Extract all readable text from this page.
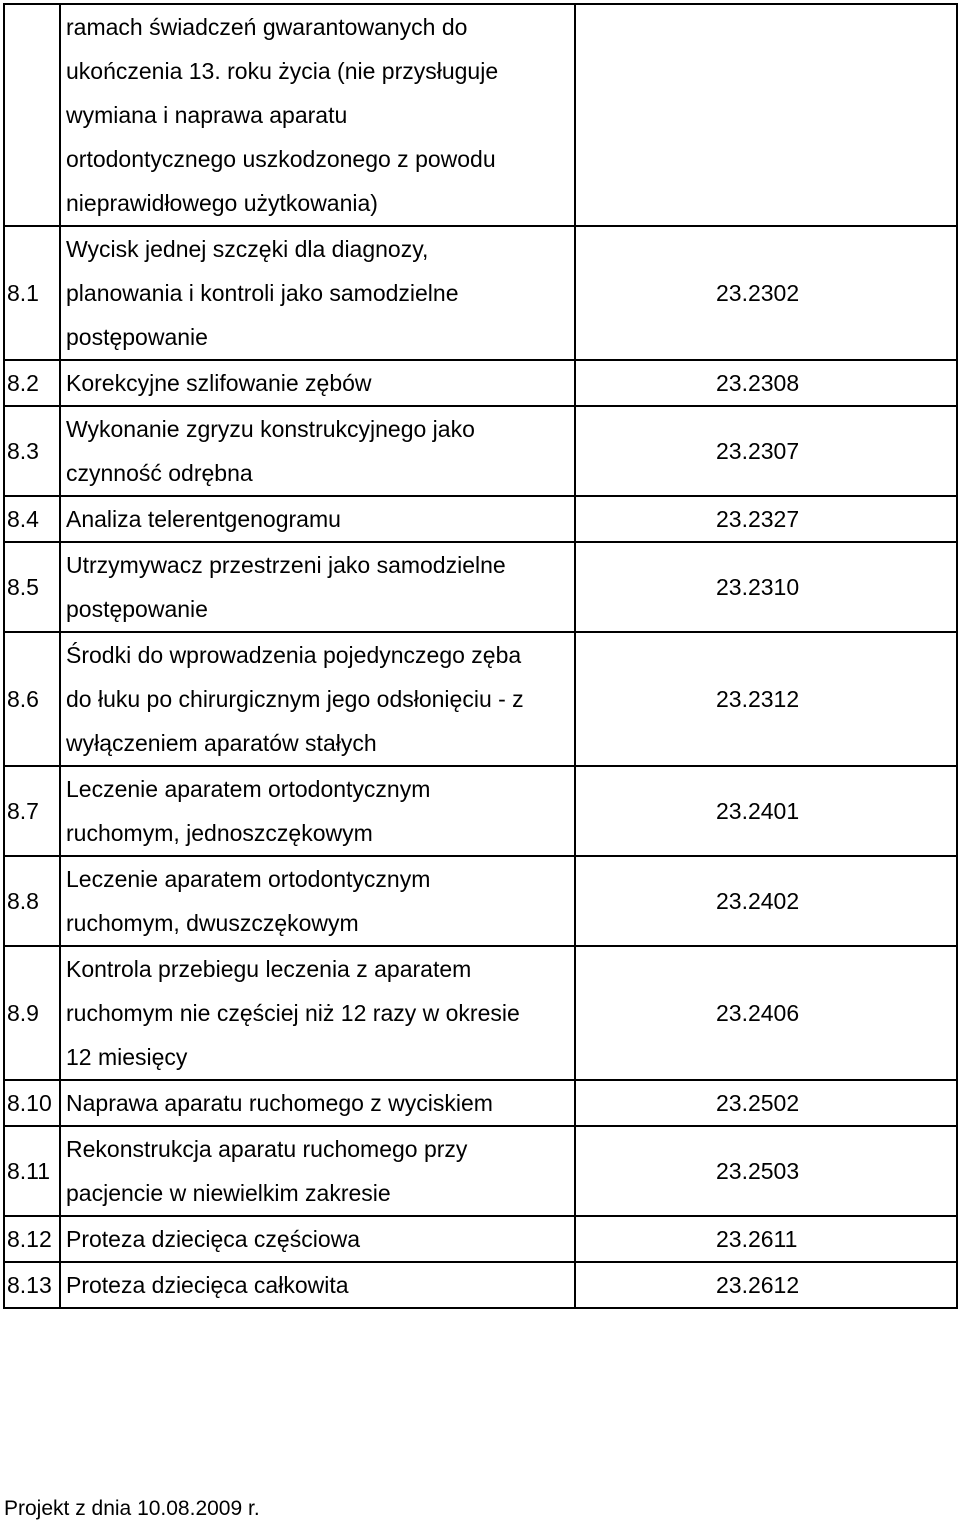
	ramach świadczeń gwarantowanych do
ukończenia 13. roku życia (nie przysługuje
wymiana i naprawa aparatu
ortodontycznego uszkodzonego z powodu
nieprawidłowego użytkowania)	
8.1	Wycisk jednej szczęki dla diagnozy,
planowania i kontroli jako samodzielne
postępowanie	23.2302
8.2	Korekcyjne szlifowanie zębów	23.2308
8.3	Wykonanie zgryzu konstrukcyjnego jako
czynność odrębna	23.2307
8.4	Analiza telerentgenogramu	23.2327
8.5	Utrzymywacz przestrzeni jako samodzielne
postępowanie	23.2310
8.6	Środki do wprowadzenia pojedynczego zęba
do łuku po chirurgicznym jego odsłonięciu - z
wyłączeniem aparatów stałych	23.2312
8.7	Leczenie aparatem ortodontycznym
ruchomym, jednoszczękowym	23.2401
8.8	Leczenie aparatem ortodontycznym
ruchomym, dwuszczękowym	23.2402
8.9	Kontrola przebiegu leczenia z aparatem
ruchomym nie częściej niż 12 razy w okresie
12 miesięcy	23.2406
8.10	Naprawa aparatu ruchomego z wyciskiem	23.2502
8.11	Rekonstrukcja aparatu ruchomego przy
pacjencie w niewielkim zakresie	23.2503
8.12	Proteza dziecięca częściowa	23.2611
8.13	Proteza dziecięca całkowita	23.2612
Projekt z dnia 10.08.2009 r.
